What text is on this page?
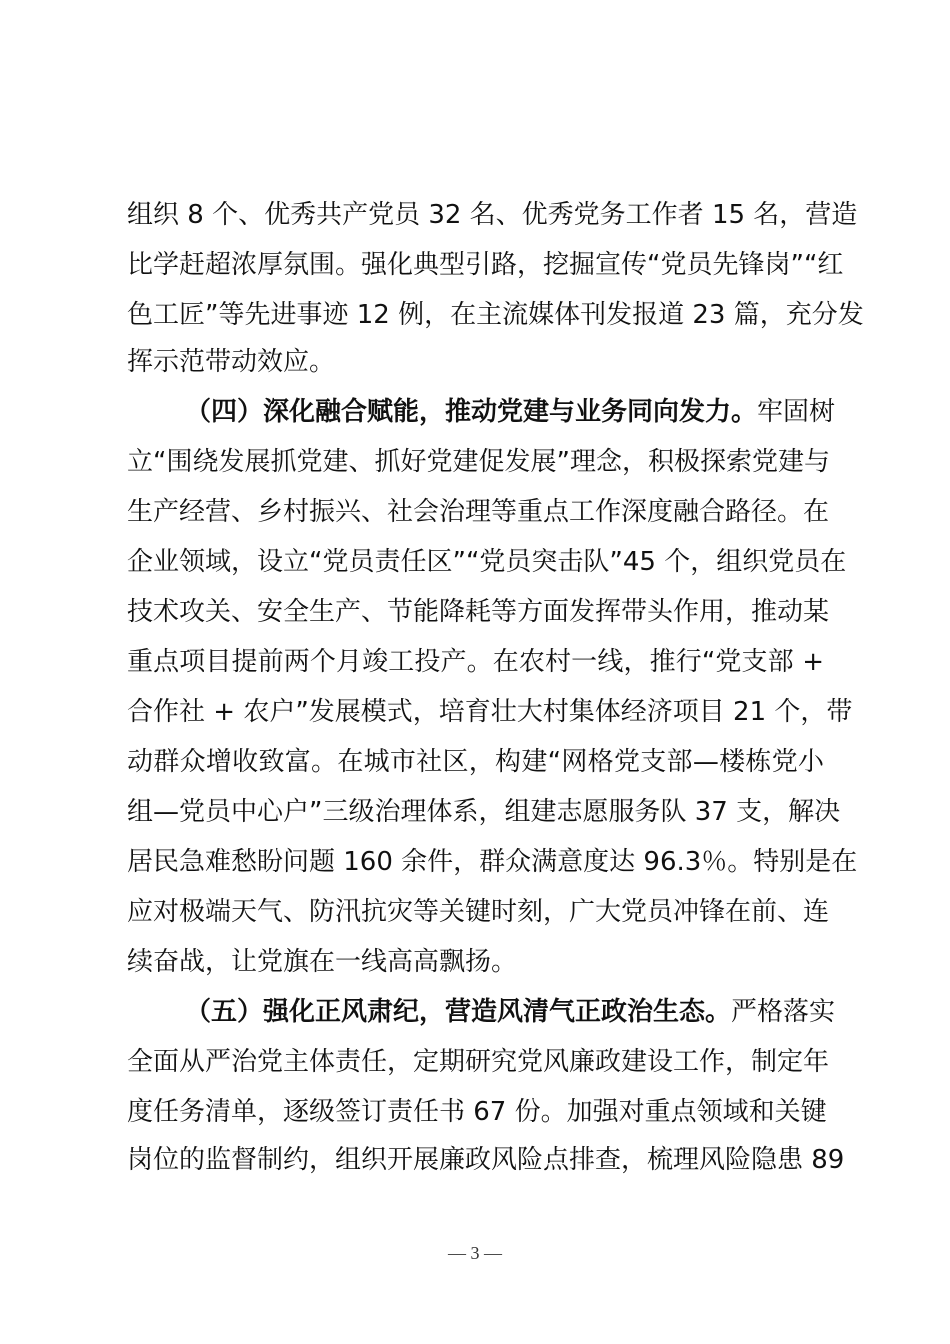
组织 8 个、优秀共产党员 32 名、优秀党务工作者 15 名，营造
比学赶超浓厚氛围。强化典型引路，挖掘宣传“党员先锋岗”“红
色工匠”等先进事迹 12 例，在主流媒体刊发报道 23 篇，充分发
挥示范带动效应。
（四）深化融合赋能，推动党建与业务同向发力。牢固树
立“围绕发展抓党建、抓好党建促发展”理念，积极探索党建与
生产经营、乡村振兴、社会治理等重点工作深度融合路径。在
企业领域，设立“党员责任区”“党员突击队”45 个，组织党员在
技术攻关、安全生产、节能降耗等方面发挥带头作用，推动某
重点项目提前两个月竣工投产。在农村一线，推行“党支部 +
合作社 + 农户”发展模式，培育壮大村集体经济项目 21 个，带
动群众增收致富。在城市社区，构建“网格党支部—楼栋党小
组—党员中心户”三级治理体系，组建志愿服务队 37 支，解决
居民急难愁盼问题 160 余件，群众满意度达 96.3％。特别是在
应对极端天气、防汛抗灾等关键时刻，广大党员冲锋在前、连
续奋战，让党旗在一线高高飘扬。
（五）强化正风肃纪，营造风清气正政治生态。严格落实
全面从严治党主体责任，定期研究党风廉政建设工作，制定年
度任务清单，逐级签订责任书 67 份。加强对重点领域和关键
岗位的监督制约，组织开展廉政风险点排查，梳理风险隐患 89
— 3 —
